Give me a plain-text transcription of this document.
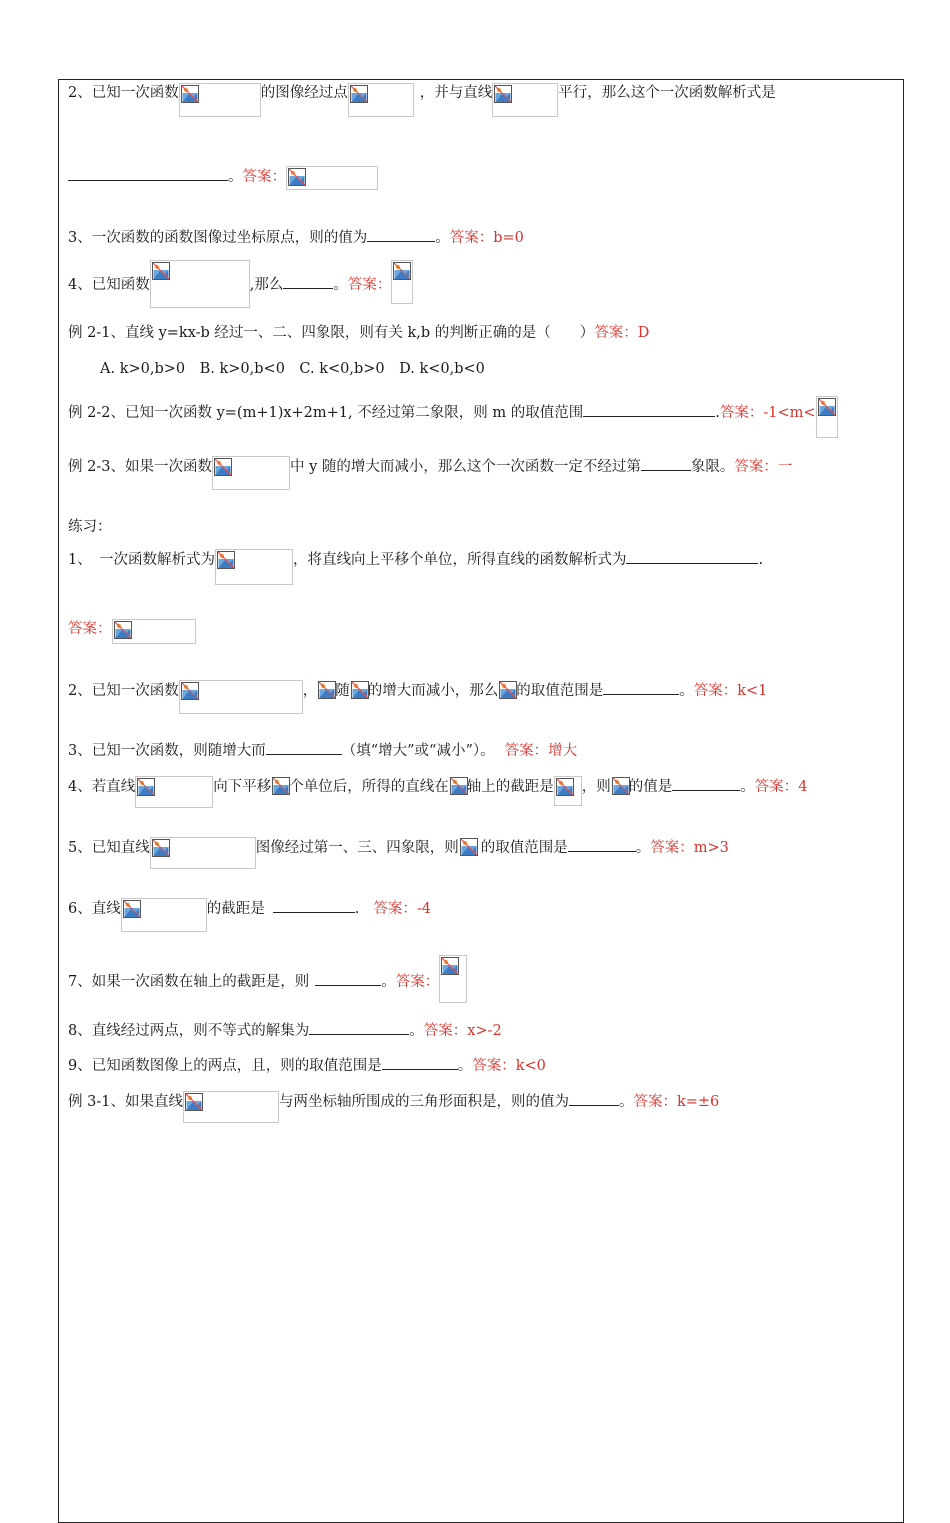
2、已知一次函数	的图像经过点	，并与直线	平行，那么这个一次函数解析式是
。答案：
3、一次函数的函数图像过坐标原点，则的值为	。答案：b=0
4、已知函数	,那么	。答案：
例 2-1、直线 y=kx-b 经过一、二、四象限，则有关 k,b 的判断正确的是（　　）答案：D
A. k>0,b>0　B. k>0,b<0　C. k<0,b>0　D. k<0,b<0
例 2-2、已知一次函数 y=(m+1)x+2m+1, 不经过第二象限，则 m 的取值范围	.答案：-1<m<
例 2-3、如果一次函数	中 y 随的增大而减小，那么这个一次函数一定不经过第	象限。答案：一
练习：
1、　一次函数解析式为	，将直线向上平移个单位，所得直线的函数解析式为	.
答案：
2、已知一次函数	， 随 的增大而减小，那么 的取值范围是	。答案：k<1
3、已知一次函数，则随增大而	（填“增大”或“减小”）。 答案：增大
4、若直线	向下平移 个单位后，所得的直线在 轴上的截距是 ，则 的值是	。答案：4
5、已知直线	图像经过第一、三、四象限，则 的取值范围是	。答案：m>3
6、直线	的截距是	. 答案：-4
7、如果一次函数在轴上的截距是，则	。答案：
8、直线经过两点，则不等式的解集为	。答案：x>-2
9、已知函数图像上的两点，且，则的取值范围是	。答案：k<0
例 3-1、如果直线	与两坐标轴所围成的三角形面积是，则的值为	。答案：k=±6
